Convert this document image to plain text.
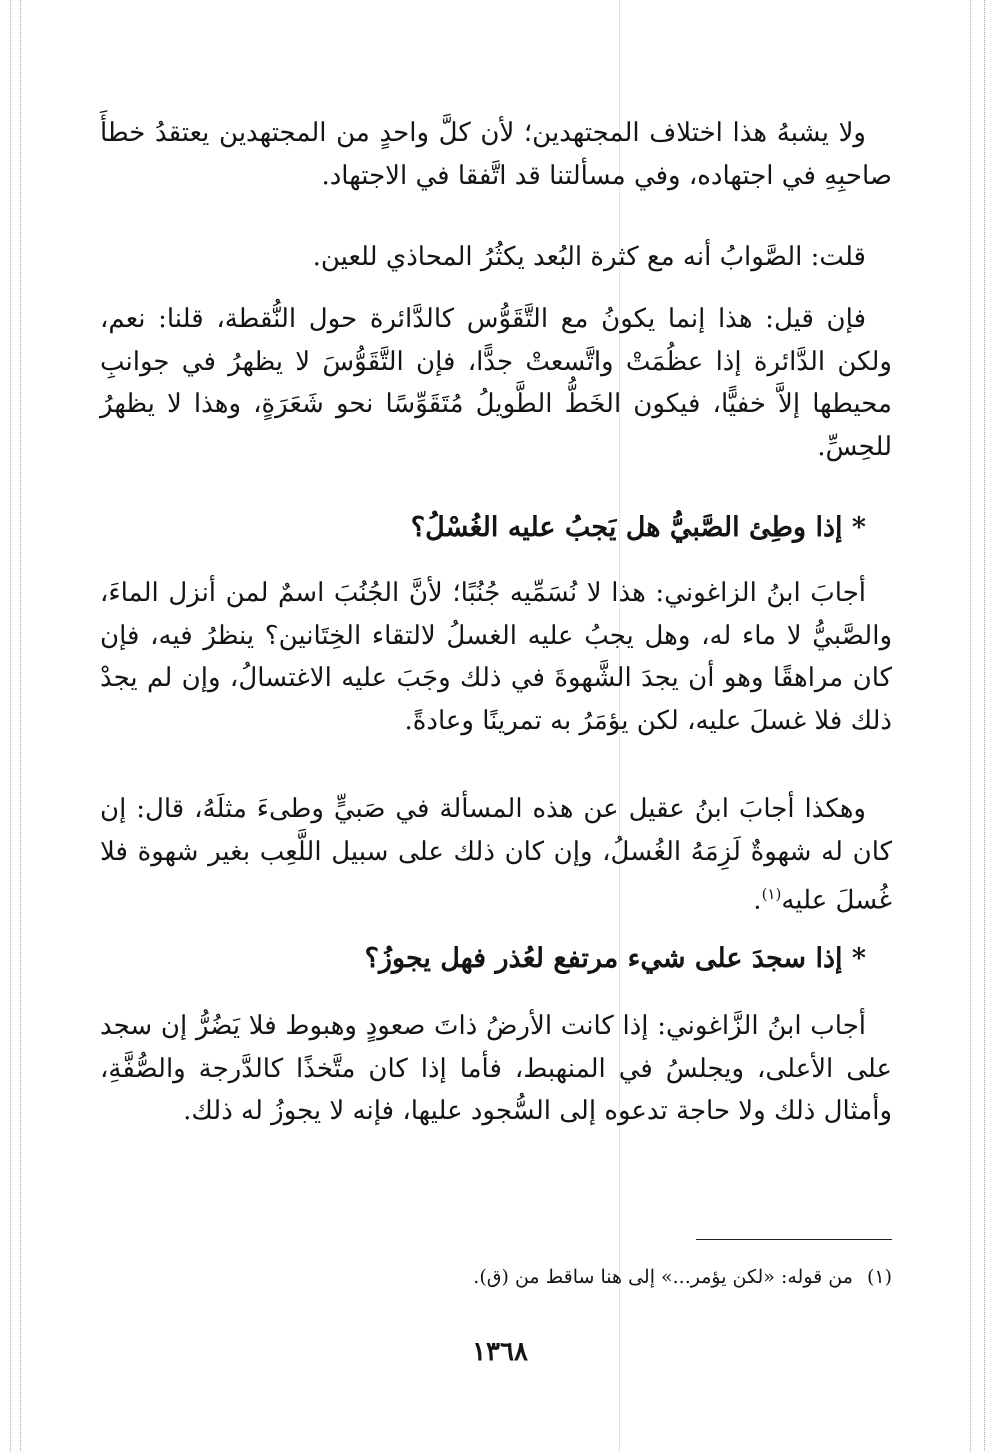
ولا يشبهُ هذا اختلاف المجتهدين؛ لأن كلَّ واحدٍ من المجتهدين يعتقدُ خطأَ صاحبِهِ في اجتهاده، وفي مسألتنا قد اتَّفقا في الاجتهاد.

قلت: الصَّوابُ أنه مع كثرة البُعد يكثُرُ المحاذي للعين.

فإن قيل: هذا إنما يكونُ مع التَّقَوُّس كالدَّائرة حول النُّقطة، قلنا: نعم، ولكن الدَّائرة إذا عظُمَتْ واتَّسعتْ جدًّا، فإن التَّقَوُّسَ لا يظهرُ في جوانبِ محيطها إلاَّ خفيًّا، فيكون الخَطُّ الطَّويلُ مُتَقَوِّسًا نحو شَعَرَةٍ، وهذا لا يظهرُ للحِسِّ.

* إذا وطِئ الصَّبيُّ هل يَجبُ عليه الغُسْلُ؟

أجابَ ابنُ الزاغوني: هذا لا نُسَمِّيه جُنُبًا؛ لأنَّ الجُنُبَ اسمٌ لمن أنزل الماءَ، والصَّبيُّ لا ماء له، وهل يجبُ عليه الغسلُ لالتقاء الخِتَانين؟ ينظرُ فيه، فإن كان مراهقًا وهو أن يجدَ الشَّهوةَ في ذلك وجَبَ عليه الاغتسالُ، وإن لم يجدْ ذلك فلا غسلَ عليه، لكن يؤمَرُ به تمرينًا وعادةً.

وهكذا أجابَ ابنُ عقيل عن هذه المسألة في صَبيٍّ وطىءَ مثلَهُ، قال: إن كان له شهوةٌ لَزِمَهُ الغُسلُ، وإن كان ذلك على سبيل اللَّعِب بغير شهوة فلا غُسلَ عليه$^{(١)}$.

* إذا سجدَ على شيء مرتفع لعُذر فهل يجوزُ؟

أجاب ابنُ الزَّاغوني: إذا كانت الأرضُ ذاتَ صعودٍ وهبوط فلا يَضُرُّ إن سجد على الأعلى، ويجلسُ في المنهبط، فأما إذا كان متَّخذًا كالدَّرجة والصُّفَّةِ، وأمثال ذلك ولا حاجة تدعوه إلى السُّجود عليها، فإنه لا يجوزُ له ذلك.

(١)من قوله: «لكن يؤمر...» إلى هنا ساقط من (ق).
١٣٦٨
